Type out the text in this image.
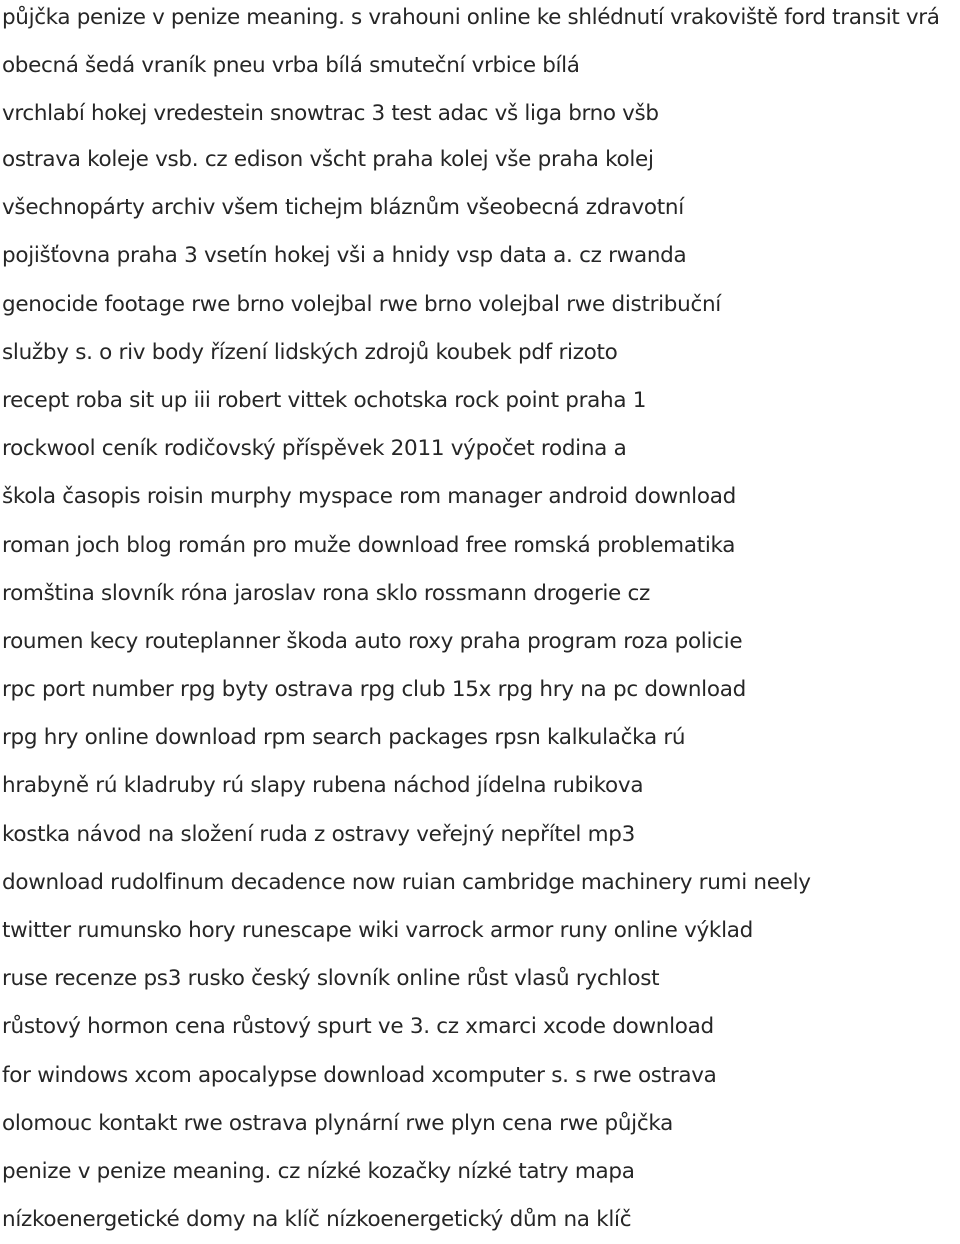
půjčka penize v penize meaning. s vrahouni online ke shlédnutí vrakoviště ford transit vrá
obecná šedá vraník pneu vrba bílá smuteční vrbice bílá
vrchlabí hokej vredestein snowtrac 3 test adac vš liga brno všb
ostrava koleje vsb. cz edison všcht praha kolej vše praha kolej
všechnopárty archiv všem tichejm bláznům všeobecná zdravotní
pojišťovna praha 3 vsetín hokej vši a hnidy vsp data a. cz rwanda
genocide footage rwe brno volejbal rwe brno volejbal rwe distribuční
služby s. o riv body řízení lidských zdrojů koubek pdf rizoto
recept roba sit up iii robert vittek ochotska rock point praha 1
rockwool ceník rodičovský příspěvek 2011 výpočet rodina a
škola časopis roisin murphy myspace rom manager android download
roman joch blog román pro muže download free romská problematika
romština slovník róna jaroslav rona sklo rossmann drogerie cz
roumen kecy routeplanner škoda auto roxy praha program roza policie
rpc port number rpg byty ostrava rpg club 15x rpg hry na pc download
rpg hry online download rpm search packages rpsn kalkulačka rú
hrabyně rú kladruby rú slapy rubena náchod jídelna rubikova
kostka návod na složení ruda z ostravy veřejný nepřítel mp3
download rudolfinum decadence now ruian cambridge machinery rumi neely
twitter rumunsko hory runescape wiki varrock armor runy online výklad
ruse recenze ps3 rusko český slovník online růst vlasů rychlost
růstový hormon cena růstový spurt ve 3. cz xmarci xcode download
for windows xcom apocalypse download xcomputer s. s rwe ostrava
olomouc kontakt rwe ostrava plynární rwe plyn cena rwe půjčka
penize v penize meaning. cz nízké kozačky nízké tatry mapa
nízkoenergetické domy na klíč nízkoenergetický dům na klíč
